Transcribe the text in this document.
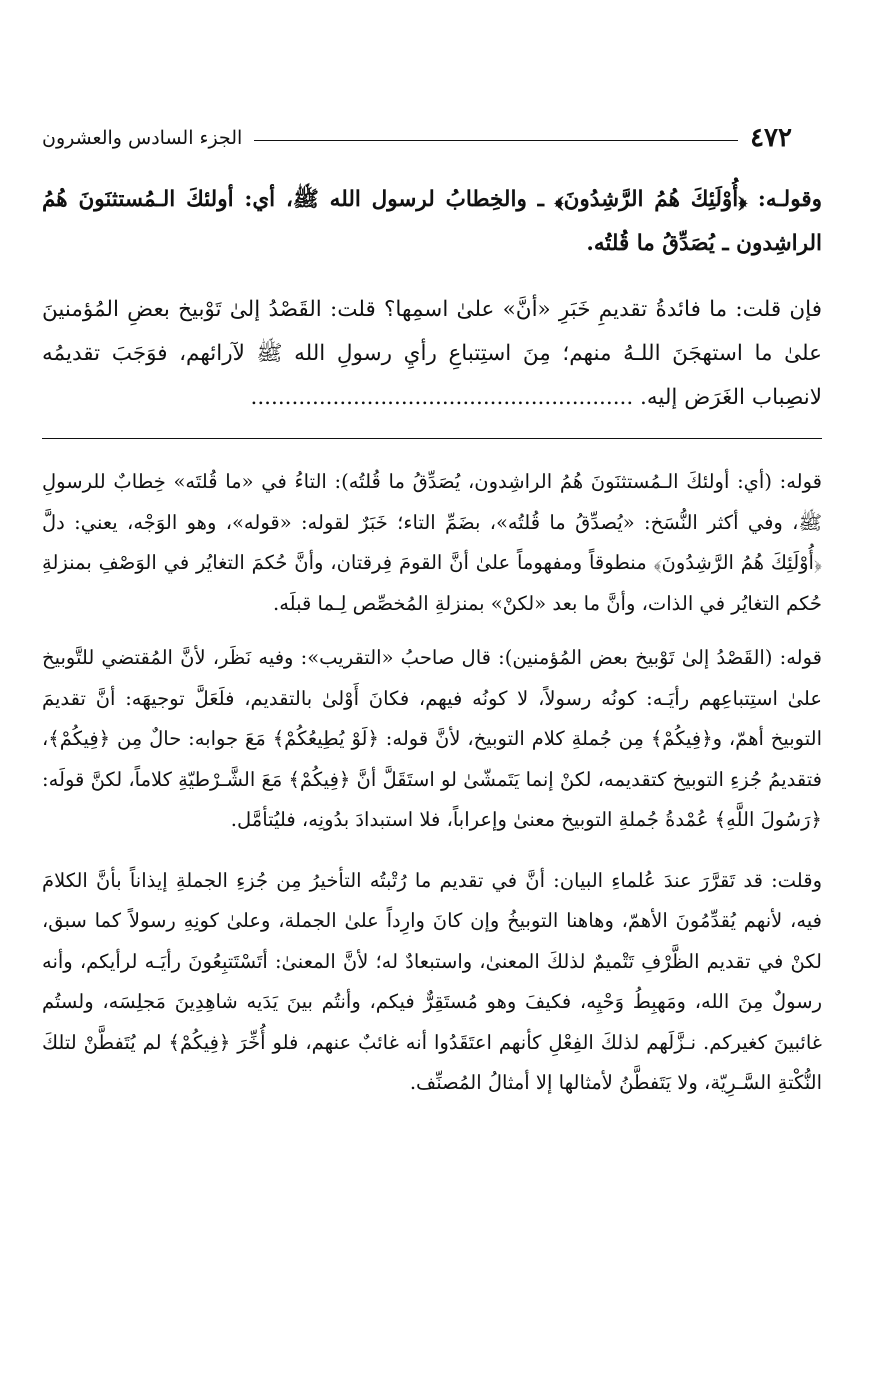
٤٧٢
الجزء السادس والعشرون

وقولـه: ﴿أُوْلَئِكَ هُمُ الرَّشِدُونَ﴾ ـ والخِطابُ لرسول الله ﷺ، أي: أولئكَ الـمُستثنَونَ هُمُ الراشِدون ـ يُصَدِّقُ ما قُلتُه.

فإن قلت: ما فائدةُ تقديمِ خَبَرِ «أنَّ» علىٰ اسمِها؟ قلت: القَصْدُ إلىٰ تَوْبيخ بعضِ المُؤمنينَ علىٰ ما استهجَنَ اللـهُ منهم؛ مِنَ استِتباعِ رأيِ رسولِ الله ﷺ لآرائهم، فوَجَبَ تقديمُه لانصِباب الغَرَض إليه. ........................................................

قوله: (أي: أولئكَ الـمُستثنَونَ هُمُ الراشِدون، يُصَدِّقُ ما قُلتُه): التاءُ في «ما قُلتَه» خِطابٌ للرسولِ ﷺ، وفي أكثر النُّسَخ: «يُصدِّقُ ما قُلتُه»، بضَمِّ التاء؛ خَبَرٌ لقوله: «قوله»، وهو الوَجْه، يعني: دلَّ ﴿أُوْلَئِكَ هُمُ الرَّشِدُونَ﴾ منطوقاً ومفهوماً علىٰ أنَّ القومَ فِرقتان، وأنَّ حُكمَ التغايُر في الوَصْفِ بمنزلةِ حُكم التغايُر في الذات، وأنَّ ما بعد «لكنْ» بمنزلةِ المُخصِّص لِـما قبلَه.

قوله: (القَصْدُ إلىٰ تَوْبيخ بعض المُؤمنين): قال صاحبُ «التقريب»: وفيه نَظَر، لأنَّ المُقتضي للتَّوبيخ علىٰ استِتباعِهم رأيَـه: كونُه رسولاً، لا كونُه فيهم، فكانَ أَوْلىٰ بالتقديم، فلَعَلَّ توجيهَه: أنَّ تقديمَ التوبيخ أهمّ، و﴿فِيكُمْ﴾ مِن جُملةِ كلام التوبيخ، لأنَّ قوله: ﴿لَوْ يُطِيعُكُمْ﴾ مَعَ جوابه: حالٌ مِن ﴿فِيكُمْ﴾، فتقديمُ جُزءِ التوبيخ كتقديمه، لكنْ إنما يَتَمشّىٰ لو استَقَلَّ أنَّ ﴿فِيكُمْ﴾ مَعَ الشَّـرْطيّةِ كلاماً، لكنَّ قولَه: ﴿رَسُولَ اللَّهِ﴾ عُمْدةُ جُملةِ التوبيخ معنىٰ وإعراباً، فلا استبدادَ بدُونِه، فليُتأمَّل.

وقلت: قد تَقرَّرَ عندَ عُلماءِ البيان: أنَّ في تقديم ما رُتْبتُه التأخيرُ مِن جُزءِ الجملةِ إيذاناً بأنَّ الكلامَ فيه، لأنهم يُقدِّمُونَ الأهمّ، وهاهنا التوبيخُ وإن كانَ وارِداً علىٰ الجملة، وعلىٰ كونِهِ رسولاً كما سبق، لكنْ في تقديم الظَّرْفِ تَتْميمٌ لذلكَ المعنىٰ، واستبعادٌ له؛ لأنَّ المعنىٰ: أتَسْتَتبِعُونَ رأيَـه لرأيكم، وأنه رسولٌ مِنَ الله، ومَهبِطُ وَحْيِه، فكيفَ وهو مُستَقِرٌّ فيكم، وأنتُم بينَ يَدَيه شاهِدِينَ مَجلِسَه، ولستُم غائبينَ كغيركم. نـزَّلَهم لذلكَ الفِعْلِ كأنهم اعتَقَدُوا أنه غائبٌ عنهم، فلو أُخِّرَ ﴿فِيكُمْ﴾ لم يُتَفطَّنْ لتلكَ النُّكْتةِ السَّـرِيّة، ولا يَتَفطَّنُ لأمثالها إلا أمثالُ المُصنِّف.
